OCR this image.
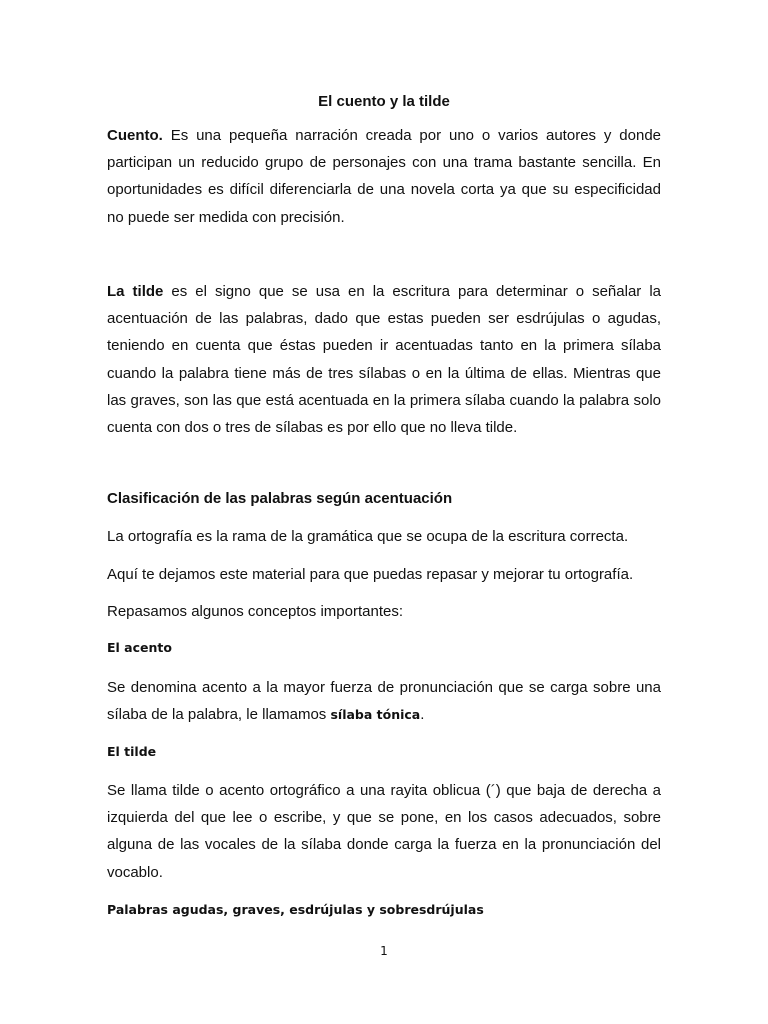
El cuento y la tilde

Cuento. Es una pequeña narración creada por uno o varios autores y donde participan un reducido grupo de personajes con una trama bastante sencilla. En oportunidades es difícil diferenciarla de una novela corta ya que su especificidad no puede ser medida con precisión.

La tilde es el signo que se usa en la escritura para determinar o señalar la acentuación de las palabras, dado que estas pueden ser esdrújulas o agudas, teniendo en cuenta que éstas pueden ir acentuadas tanto en la primera sílaba cuando la palabra tiene más de tres sílabas o en la última de ellas. Mientras que las graves, son las que está acentuada en la primera sílaba cuando la palabra solo cuenta con dos o tres de sílabas es por ello que no lleva tilde.

Clasificación de las palabras según acentuación

La ortografía es la rama de la gramática que se ocupa de la escritura correcta.

Aquí te dejamos este material para que puedas repasar y mejorar tu ortografía.

Repasamos algunos conceptos importantes:

El acento

Se denomina acento a la mayor fuerza de pronunciación que se carga sobre una sílaba de la palabra, le llamamos sílaba tónica.

El tilde

Se llama tilde o acento ortográfico a una rayita oblicua (´) que baja de derecha a izquierda del que lee o escribe, y que se pone, en los casos adecuados, sobre alguna de las vocales de la sílaba donde carga la fuerza en la pronunciación del vocablo.

Palabras agudas, graves, esdrújulas y sobresdrújulas

1
